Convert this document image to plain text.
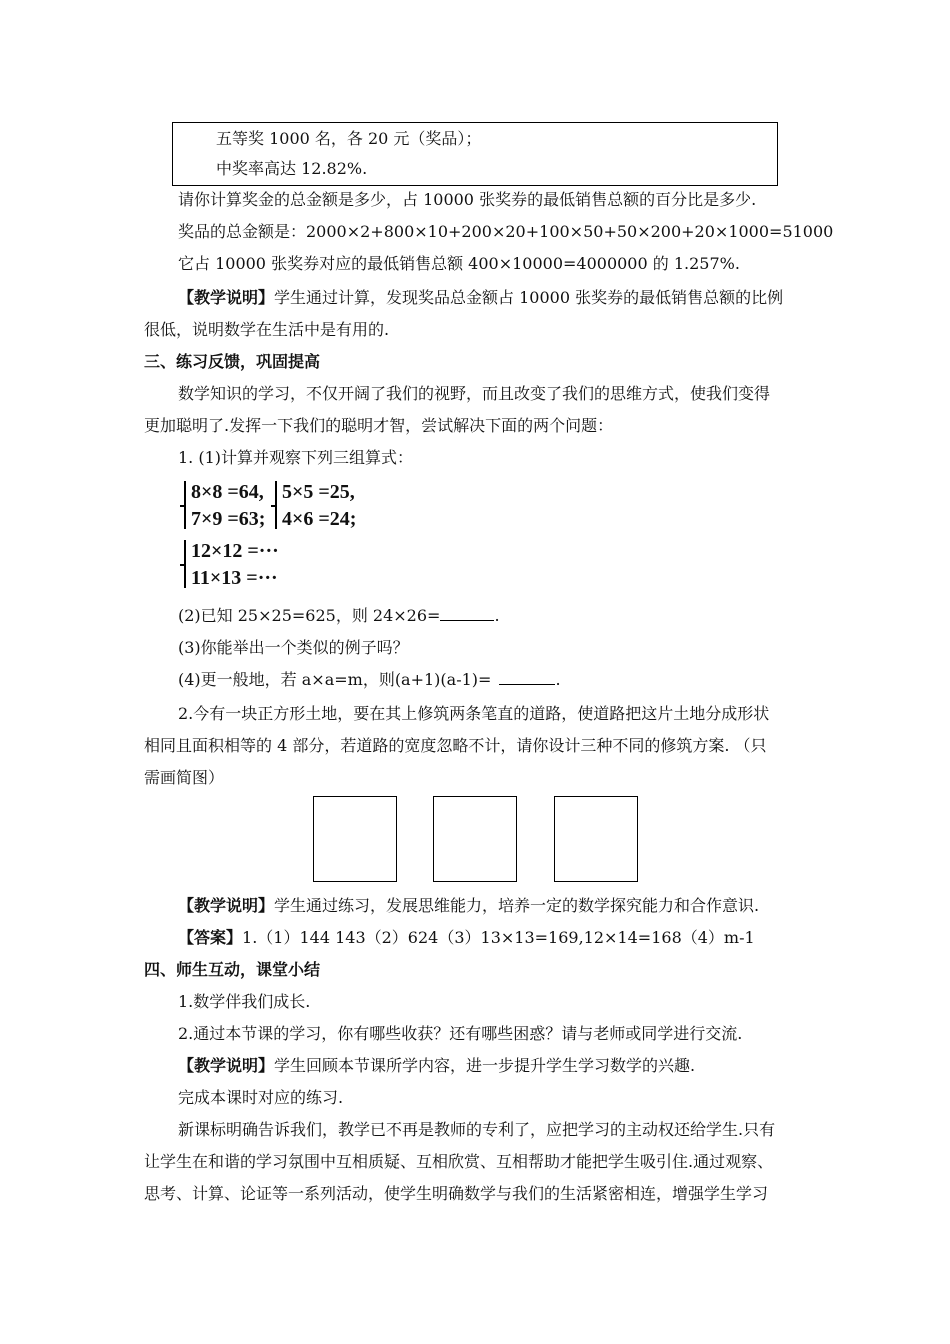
五等奖 1000 名，各 20 元（奖品）；
中奖率高达 12.82%.
请你计算奖金的总金额是多少，占 10000 张奖券的最低销售总额的百分比是多少.
奖品的总金额是：2000×2+800×10+200×20+100×50+50×200+20×1000=51000
它占 10000 张奖券对应的最低销售总额 400×10000=4000000 的 1.257%.
【教学说明】学生通过计算，发现奖品总金额占 10000 张奖券的最低销售总额的比例
很低，说明数学在生活中是有用的.
三、练习反馈，巩固提高
数学知识的学习，不仅开阔了我们的视野，而且改变了我们的思维方式，使我们变得
更加聪明了.发挥一下我们的聪明才智，尝试解决下面的两个问题：
1. (1)计算并观察下列三组算式：
8×8 =64,
7×9 =63;
5×5 =25,
4×6 =24;
12×12 =···
11×13 =···
(2)已知 25×25=625，则 24×26=	.
(3)你能举出一个类似的例子吗？
(4)更一般地，若 a×a=m，则(a+1)(a-1)=	.
2.今有一块正方形土地，要在其上修筑两条笔直的道路，使道路把这片土地分成形状
相同且面积相等的 4 部分，若道路的宽度忽略不计，请你设计三种不同的修筑方案. （只
需画简图）
【教学说明】学生通过练习，发展思维能力，培养一定的数学探究能力和合作意识.
【答案】1.（1）144 143（2）624（3）13×13=169,12×14=168（4）m-1
四、师生互动，课堂小结
1.数学伴我们成长.
2.通过本节课的学习，你有哪些收获？还有哪些困惑？请与老师或同学进行交流.
【教学说明】学生回顾本节课所学内容，进一步提升学生学习数学的兴趣.
完成本课时对应的练习.
新课标明确告诉我们，教学已不再是教师的专利了，应把学习的主动权还给学生.只有
让学生在和谐的学习氛围中互相质疑、互相欣赏、互相帮助才能把学生吸引住.通过观察、
思考、计算、论证等一系列活动，使学生明确数学与我们的生活紧密相连，增强学生学习
